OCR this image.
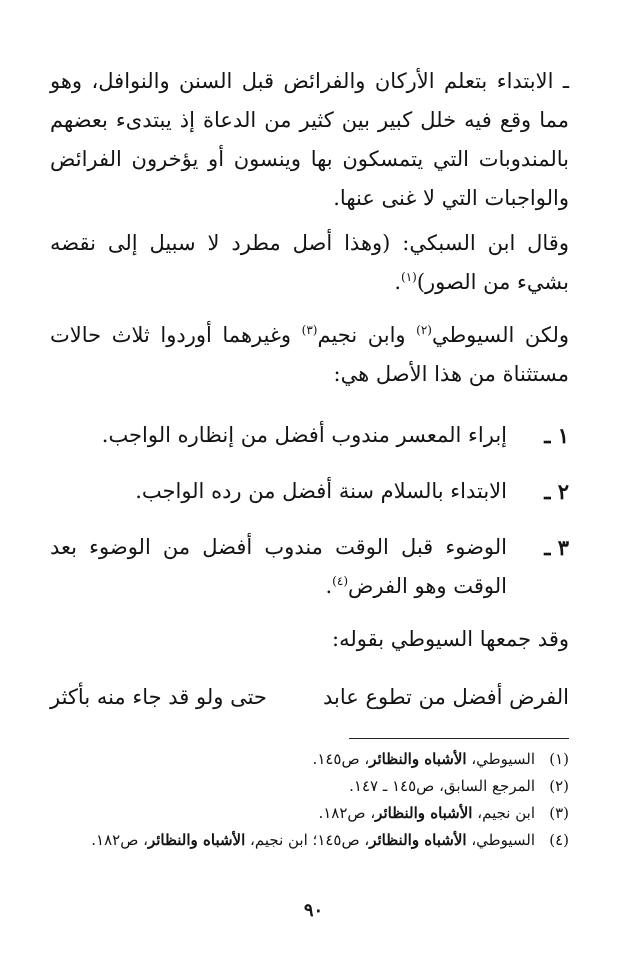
ـ الابتداء بتعلم الأركان والفرائض قبل السنن والنوافل، وهو مما وقع فيه خلل كبير بين كثير من الدعاة إذ يبتدىء بعضهم بالمندوبات التي يتمسكون بها وينسون أو يؤخرون الفرائض والواجبات التي لا غنى عنها.

وقال ابن السبكي: (وهذا أصل مطرد لا سبيل إلى نقضه بشيء من الصور)$^{(١)}$.

ولكن السيوطي$^{(٢)}$ وابن نجيم$^{(٣)}$ وغيرهما أوردوا ثلاث حالات مستثناة من هذا الأصل هي:

١ ـ
إبراء المعسر مندوب أفضل من إنظاره الواجب.
٢ ـ
الابتداء بالسلام سنة أفضل من رده الواجب.
٣ ـ
الوضوء قبل الوقت مندوب أفضل من الوضوء بعد الوقت وهو الفرض$^{(٤)}$.

وقد جمعها السيوطي بقوله:

الفرض أفضل من تطوع عابد
حتى ولو قد جاء منه بأكثر
(١)
السيوطي، الأشباه والنظائر، ص١٤٥.
(٢)
المرجع السابق، ص١٤٥ ـ ١٤٧.
(٣)
ابن نجيم، الأشباه والنظائر، ص١٨٢.
(٤)
السيوطي، الأشباه والنظائر، ص١٤٥؛ ابن نجيم، الأشباه والنظائر، ص١٨٢.
٩٠
